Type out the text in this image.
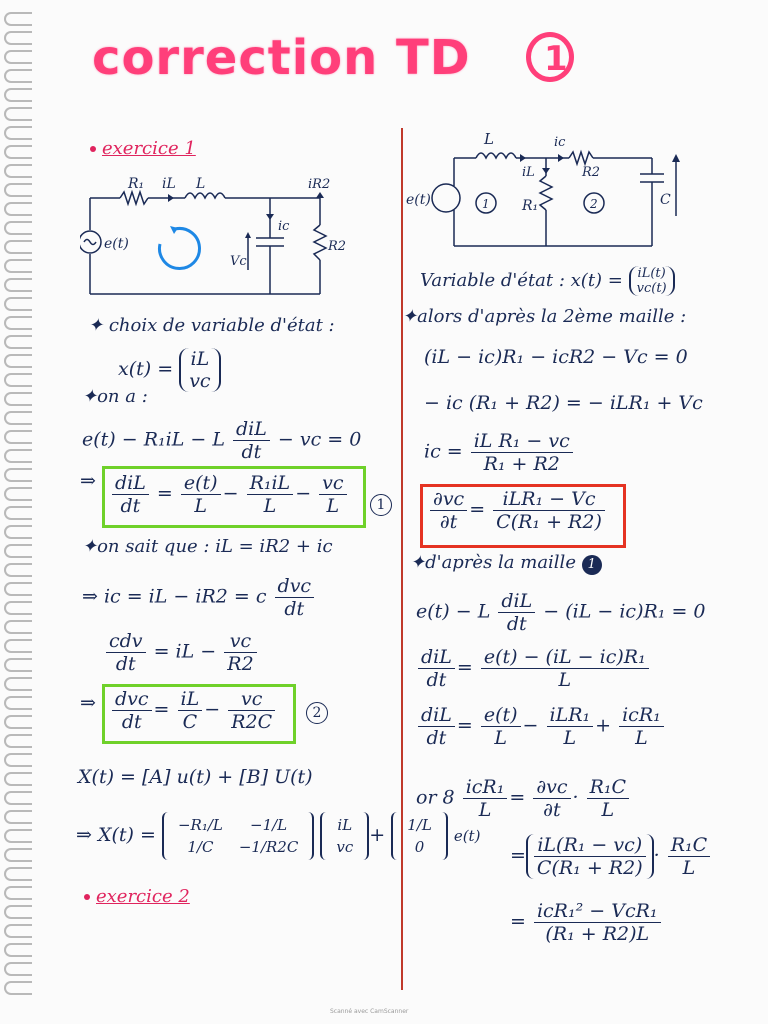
correction TD 1
exercice 1
R₁ iL L	iR2
ic
Vc
R2
e(t)
✦ choix de variable d'état :
x(t) = iL
vc
✦on a :
e(t) − R₁iL − L $\frac{\text{diL}}{dt}$ − vc = 0
⇒ $\frac{\text{diL}}{dt} = \frac{e(t)}{L} - \frac{\text{R₁iL}}{L} - \frac{vc}{L}$	1
✦on sait que : iL = iR2 + ic
⇒ ic = iL − iR2 = c $\frac{\text{dvc}}{dt}$
$\frac{\text{cdv}}{dt}$ = iL − $\frac{vc}{R2}$
⇒ $\frac{\text{dvc}}{dt} = \frac{iL}{C} - \frac{vc}{R2C}$	2
X(t) = [A] u(t) + [B] U(t)
⇒ X(t) = −R₁/L	−1/L
1/C	−1/R2C

iL
vc
+ 1/L
0
e(t)
exercice 2
L	ic
iL
R₁
R2
C
e(t)	1	2
Variable d'état : x(t) = iL(t)
vc(t)
✦alors d'après la 2ème maille :
(iL − ic)R₁ − icR2 − Vc = 0
− ic (R₁ + R2) = − iLR₁ + Vc
ic = $\frac{\text{iL R₁ − vc}}{\text{R₁ + R2}}$
$\frac{\partial vc}{\partial t} = \frac{\text{iLR₁ − Vc}}{\text{C(R₁ + R2)}}$
✦d'après la maille 1
e(t) − L $\frac{\text{diL}}{dt} - (iL - ic)R_1 = 0$
$\frac{\text{diL}}{dt} = \frac{\text{e(t) − (iL − ic)R₁}}{L}$
$\frac{\text{diL}}{dt} = \frac{e(t)}{L} - \frac{\text{iLR₁}}{L} + \frac{\text{icR₁}}{L}$
or $8 \frac{\text{icR₁}}{L} = \frac{\partial vc}{\partial t} \cdot \frac{\text{R₁C}}{L}$
= $\frac{\text{iL(R₁ − vc)}}{\text{C(R₁ + R2)}} \cdot \frac{\text{R₁C}}{L}$
= $\frac{\text{icR₁² − VcR₁}}{\text{(R₁ + R2)L}}$
Scanné avec CamScanner
